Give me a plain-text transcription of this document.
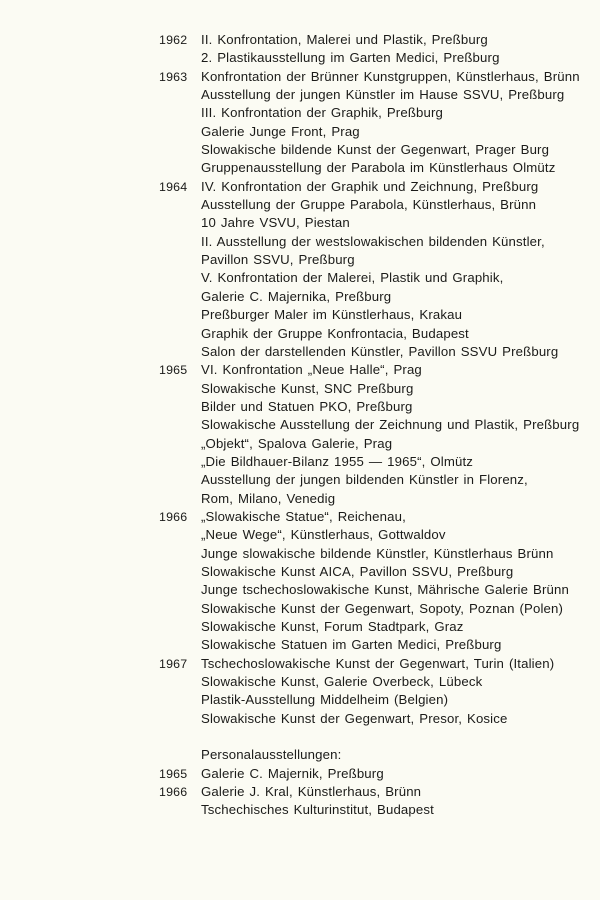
1962	II. Konfrontation, Malerei und Plastik, Preßburg
2. Plastikausstellung im Garten Medici, Preßburg
1963	Konfrontation der Brünner Kunstgruppen, Künstlerhaus, Brünn
Ausstellung der jungen Künstler im Hause SSVU, Preßburg
III. Konfrontation der Graphik, Preßburg
Galerie Junge Front, Prag
Slowakische bildende Kunst der Gegenwart, Prager Burg
Gruppenausstellung der Parabola im Künstlerhaus Olmütz
1964	IV. Konfrontation der Graphik und Zeichnung, Preßburg
Ausstellung der Gruppe Parabola, Künstlerhaus, Brünn
10 Jahre VSVU, Piestan
II. Ausstellung der westslowakischen bildenden Künstler,
Pavillon SSVU, Preßburg
V. Konfrontation der Malerei, Plastik und Graphik,
Galerie C. Majernika, Preßburg
Preßburger Maler im Künstlerhaus, Krakau
Graphik der Gruppe Konfrontacia, Budapest
Salon der darstellenden Künstler, Pavillon SSVU Preßburg
1965	VI. Konfrontation „Neue Halle“, Prag
Slowakische Kunst, SNC Preßburg
Bilder und Statuen PKO, Preßburg
Slowakische Ausstellung der Zeichnung und Plastik, Preßburg
„Objekt“, Spalova Galerie, Prag
„Die Bildhauer-Bilanz 1955 — 1965“, Olmütz
Ausstellung der jungen bildenden Künstler in Florenz,
Rom, Milano, Venedig
1966	„Slowakische Statue“, Reichenau,
„Neue Wege“, Künstlerhaus, Gottwaldov
Junge slowakische bildende Künstler, Künstlerhaus Brünn
Slowakische Kunst AICA, Pavillon SSVU, Preßburg
Junge tschechoslowakische Kunst, Mährische Galerie Brünn
Slowakische Kunst der Gegenwart, Sopoty, Poznan (Polen)
Slowakische Kunst, Forum Stadtpark, Graz
Slowakische Statuen im Garten Medici, Preßburg
1967	Tschechoslowakische Kunst der Gegenwart, Turin (Italien)
Slowakische Kunst, Galerie Overbeck, Lübeck
Plastik-Ausstellung Middelheim (Belgien)
Slowakische Kunst der Gegenwart, Presor, Kosice
Personalausstellungen:
1965	Galerie C. Majernik, Preßburg
1966	Galerie J. Kral, Künstlerhaus, Brünn
Tschechisches Kulturinstitut, Budapest
